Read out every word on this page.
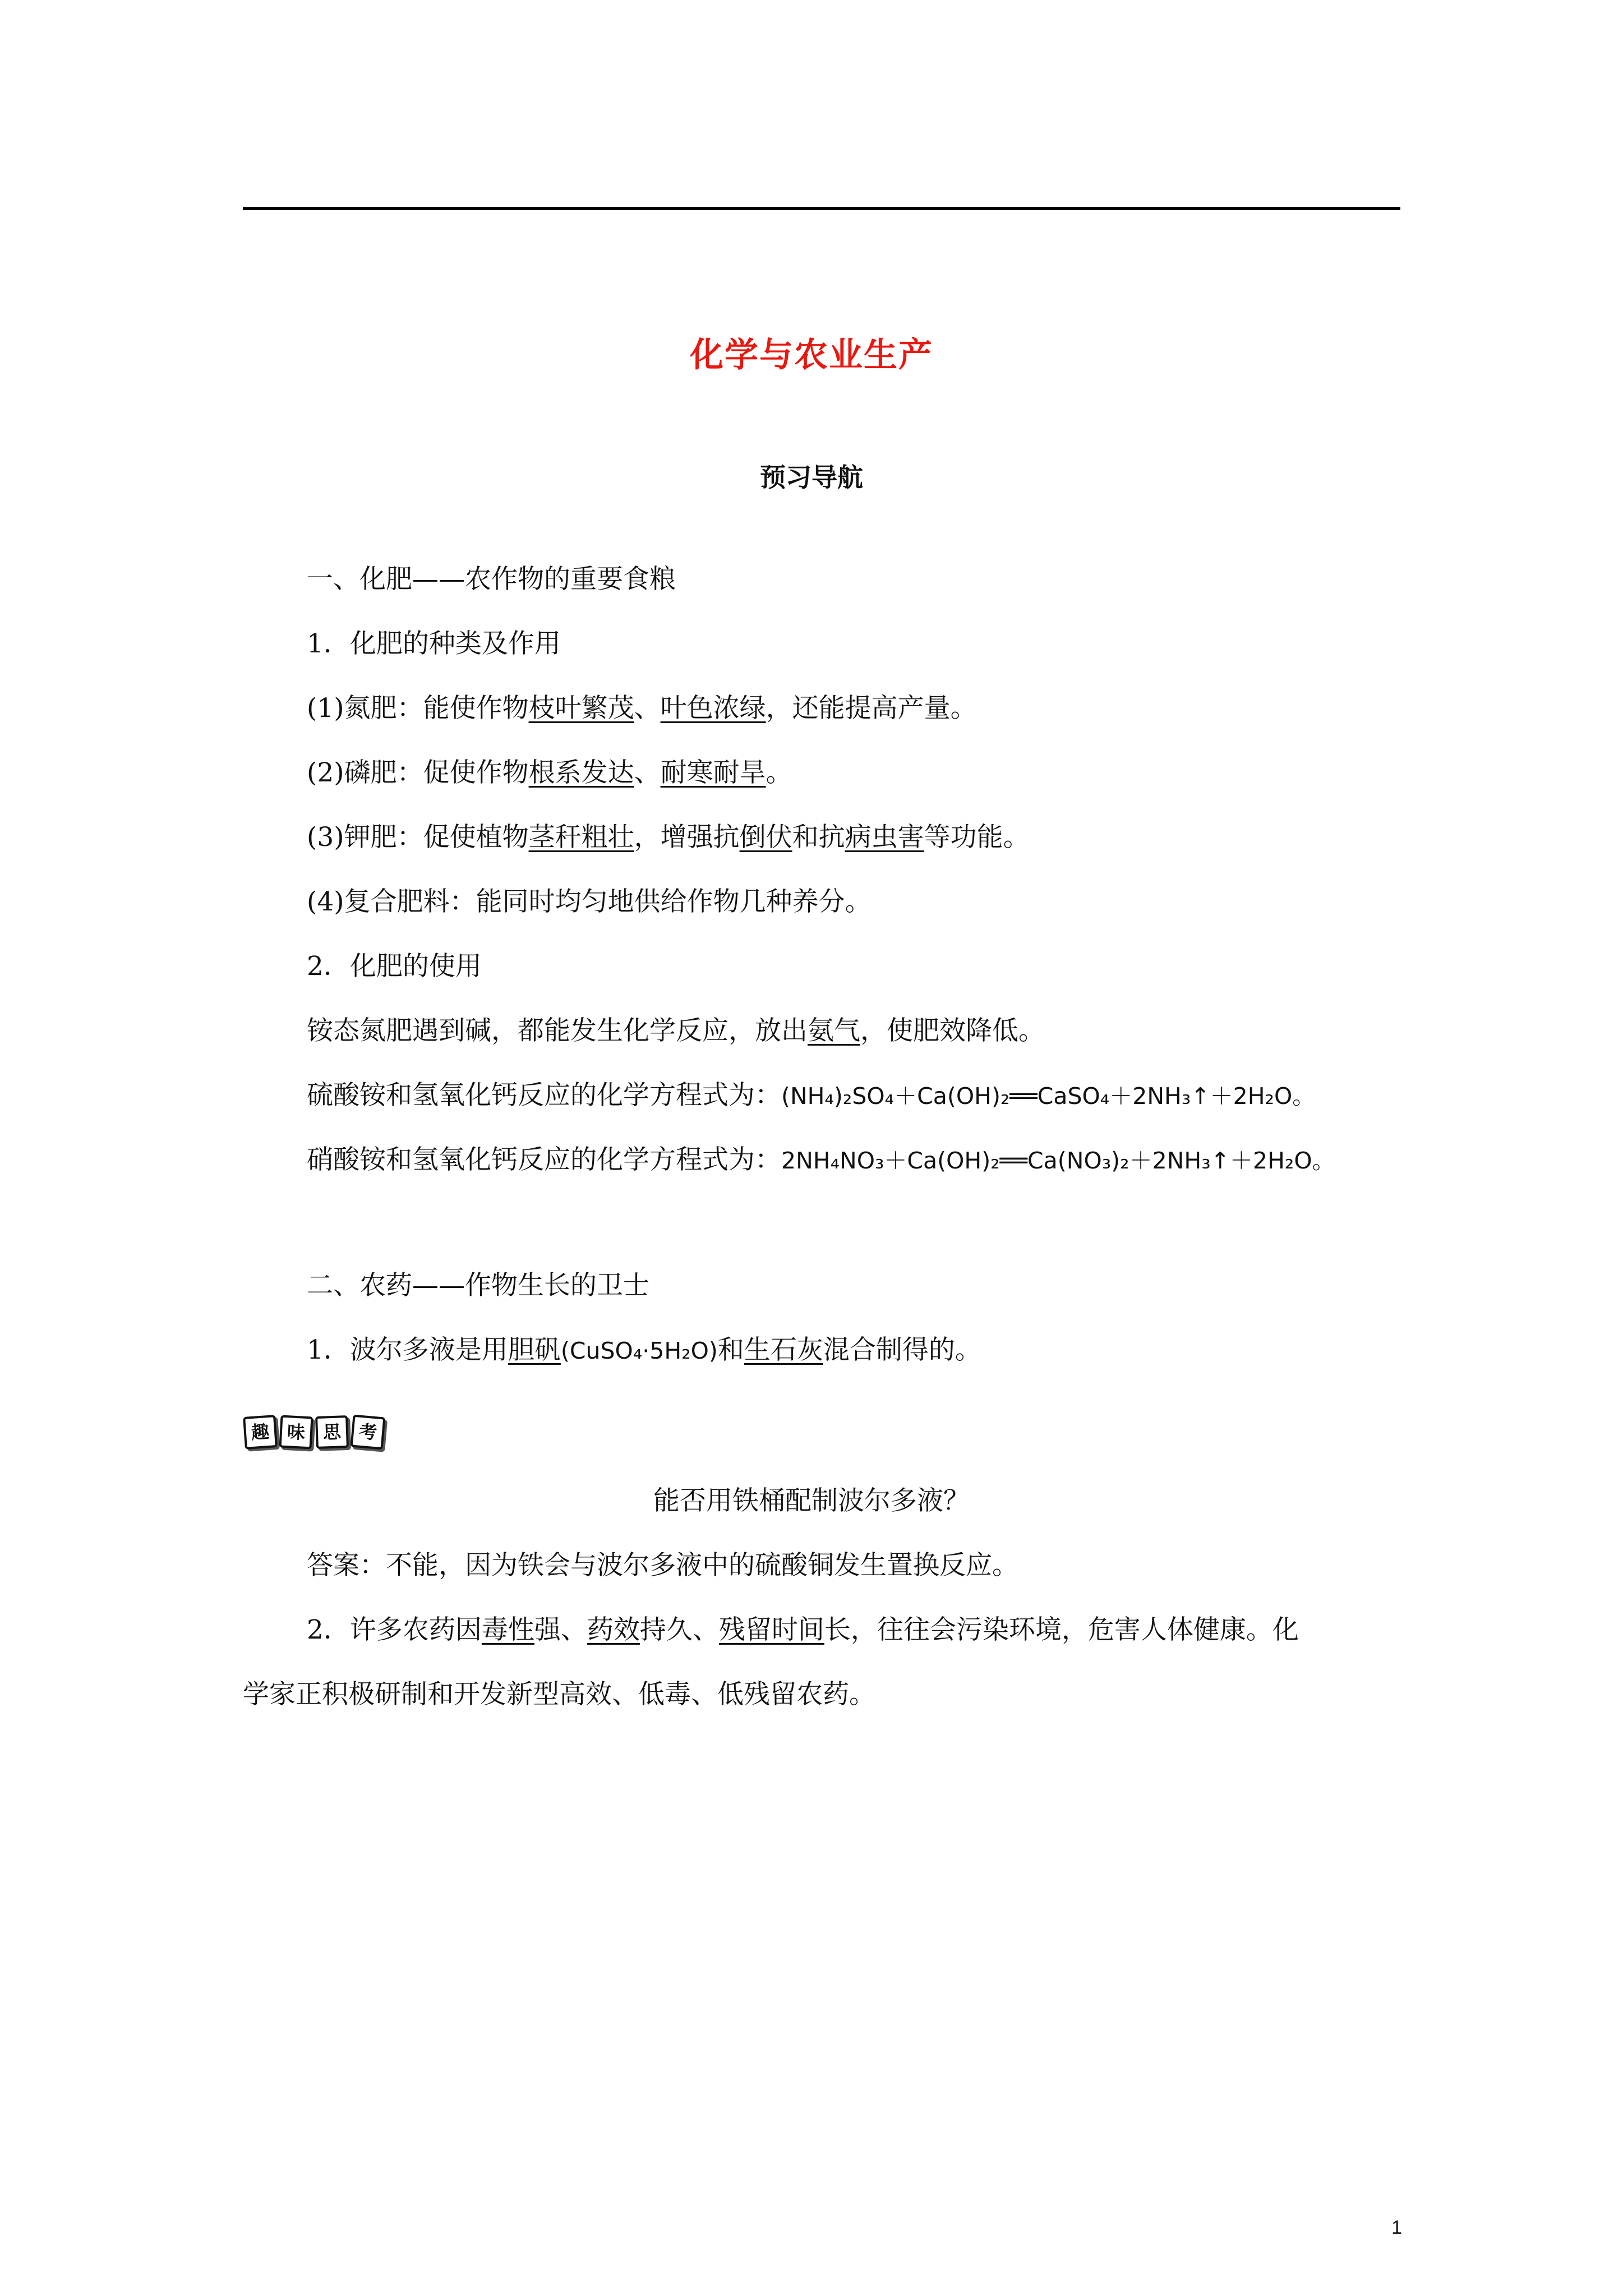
化学与农业生产
预习导航
一、化肥——农作物的重要食粮
1．化肥的种类及作用
(1)氮肥：能使作物枝叶繁茂、叶色浓绿，还能提高产量。
(2)磷肥：促使作物根系发达、耐寒耐旱。
(3)钾肥：促使植物茎秆粗壮，增强抗倒伏和抗病虫害等功能。
(4)复合肥料：能同时均匀地供给作物几种养分。
2．化肥的使用
铵态氮肥遇到碱，都能发生化学反应，放出氨气，使肥效降低。
硫酸铵和氢氧化钙反应的化学方程式为：(NH₄)₂SO₄＋Ca(OH)₂══CaSO₄＋2NH₃↑＋2H₂O。
硝酸铵和氢氧化钙反应的化学方程式为：2NH₄NO₃＋Ca(OH)₂══Ca(NO₃)₂＋2NH₃↑＋2H₂O。
二、农药——作物生长的卫士
1．波尔多液是用胆矾(CuSO₄·5H₂O)和生石灰混合制得的。
趣 味 思 考
能否用铁桶配制波尔多液？
答案：不能，因为铁会与波尔多液中的硫酸铜发生置换反应。
2．许多农药因毒性强、药效持久、残留时间长，往往会污染环境，危害人体健康。化
学家正积极研制和开发新型高效、低毒、低残留农药。
1
